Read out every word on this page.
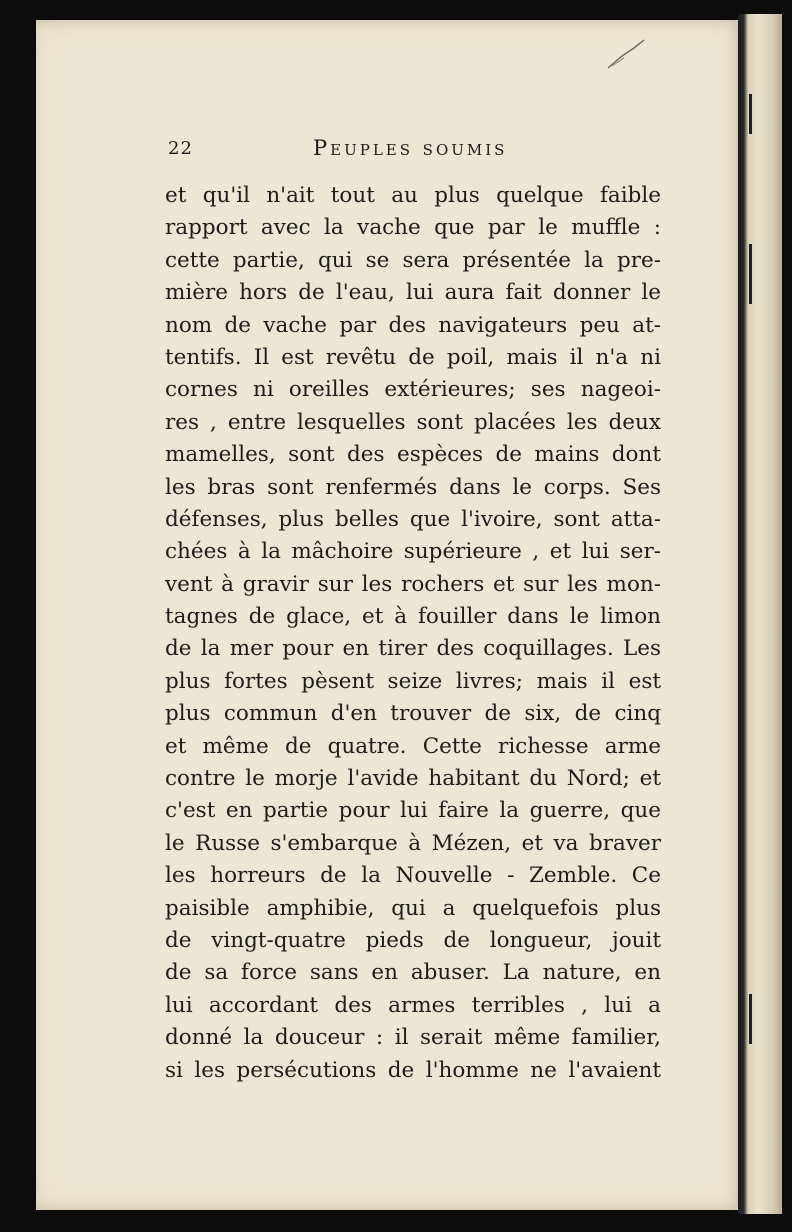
22	Peuples soumis
et qu'il n'ait tout au plus quelque faible
rapport avec la vache que par le muffle :
cette partie, qui se sera présentée la pre-
mière hors de l'eau, lui aura fait donner le
nom de vache par des navigateurs peu at-
tentifs. Il est revêtu de poil, mais il n'a ni
cornes ni oreilles extérieures; ses nageoi-
res , entre lesquelles sont placées les deux
mamelles, sont des espèces de mains dont
les bras sont renfermés dans le corps. Ses
défenses, plus belles que l'ivoire, sont atta-
chées à la mâchoire supérieure , et lui ser-
vent à gravir sur les rochers et sur les mon-
tagnes de glace, et à fouiller dans le limon
de la mer pour en tirer des coquillages. Les
plus fortes pèsent seize livres; mais il est
plus commun d'en trouver de six, de cinq
et même de quatre. Cette richesse arme
contre le morje l'avide habitant du Nord; et
c'est en partie pour lui faire la guerre, que
le Russe s'embarque à Mézen, et va braver
les horreurs de la Nouvelle - Zemble. Ce
paisible amphibie, qui a quelquefois plus
de vingt-quatre pieds de longueur, jouit
de sa force sans en abuser. La nature, en
lui accordant des armes terribles , lui a
donné la douceur : il serait même familier,
si les persécutions de l'homme ne l'avaient
